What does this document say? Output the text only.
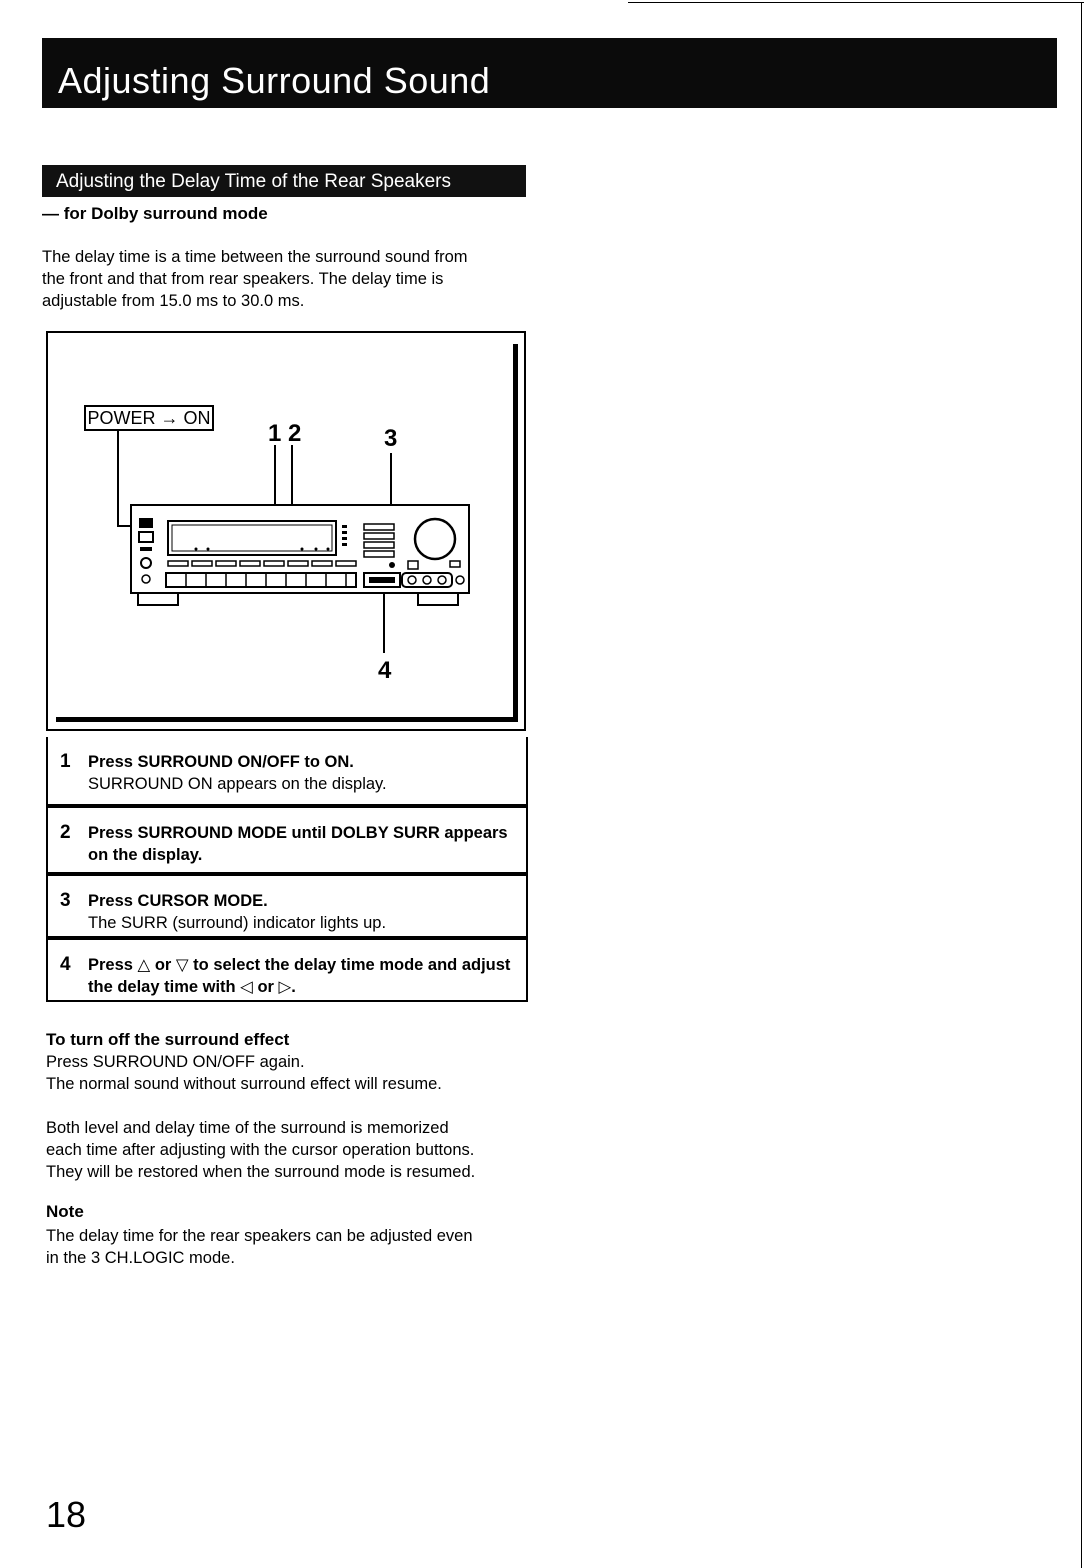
Adjusting Surround Sound
Adjusting the Delay Time of the Rear Speakers
— for Dolby surround mode
The delay time is a time between the surround sound from
the front and that from rear speakers. The delay time is
adjustable from 15.0 ms to 30.0 ms.
POWER → ON
1 2	3
4
1 Press SURROUND ON/OFF to ON.
SURROUND ON appears on the display.
2 Press SURROUND MODE until DOLBY SURR appears on the display.
3 Press CURSOR MODE.
The SURR (surround) indicator lights up.
4 Press △ or ▽ to select the delay time mode and adjust the delay time with ◁ or ▷.
To turn off the surround effect
Press SURROUND ON/OFF again.
The normal sound without surround effect will resume.
Both level and delay time of the surround is memorized
each time after adjusting with the cursor operation buttons.
They will be restored when the surround mode is resumed.
Note
The delay time for the rear speakers can be adjusted even
in the 3 CH.LOGIC mode.
18
